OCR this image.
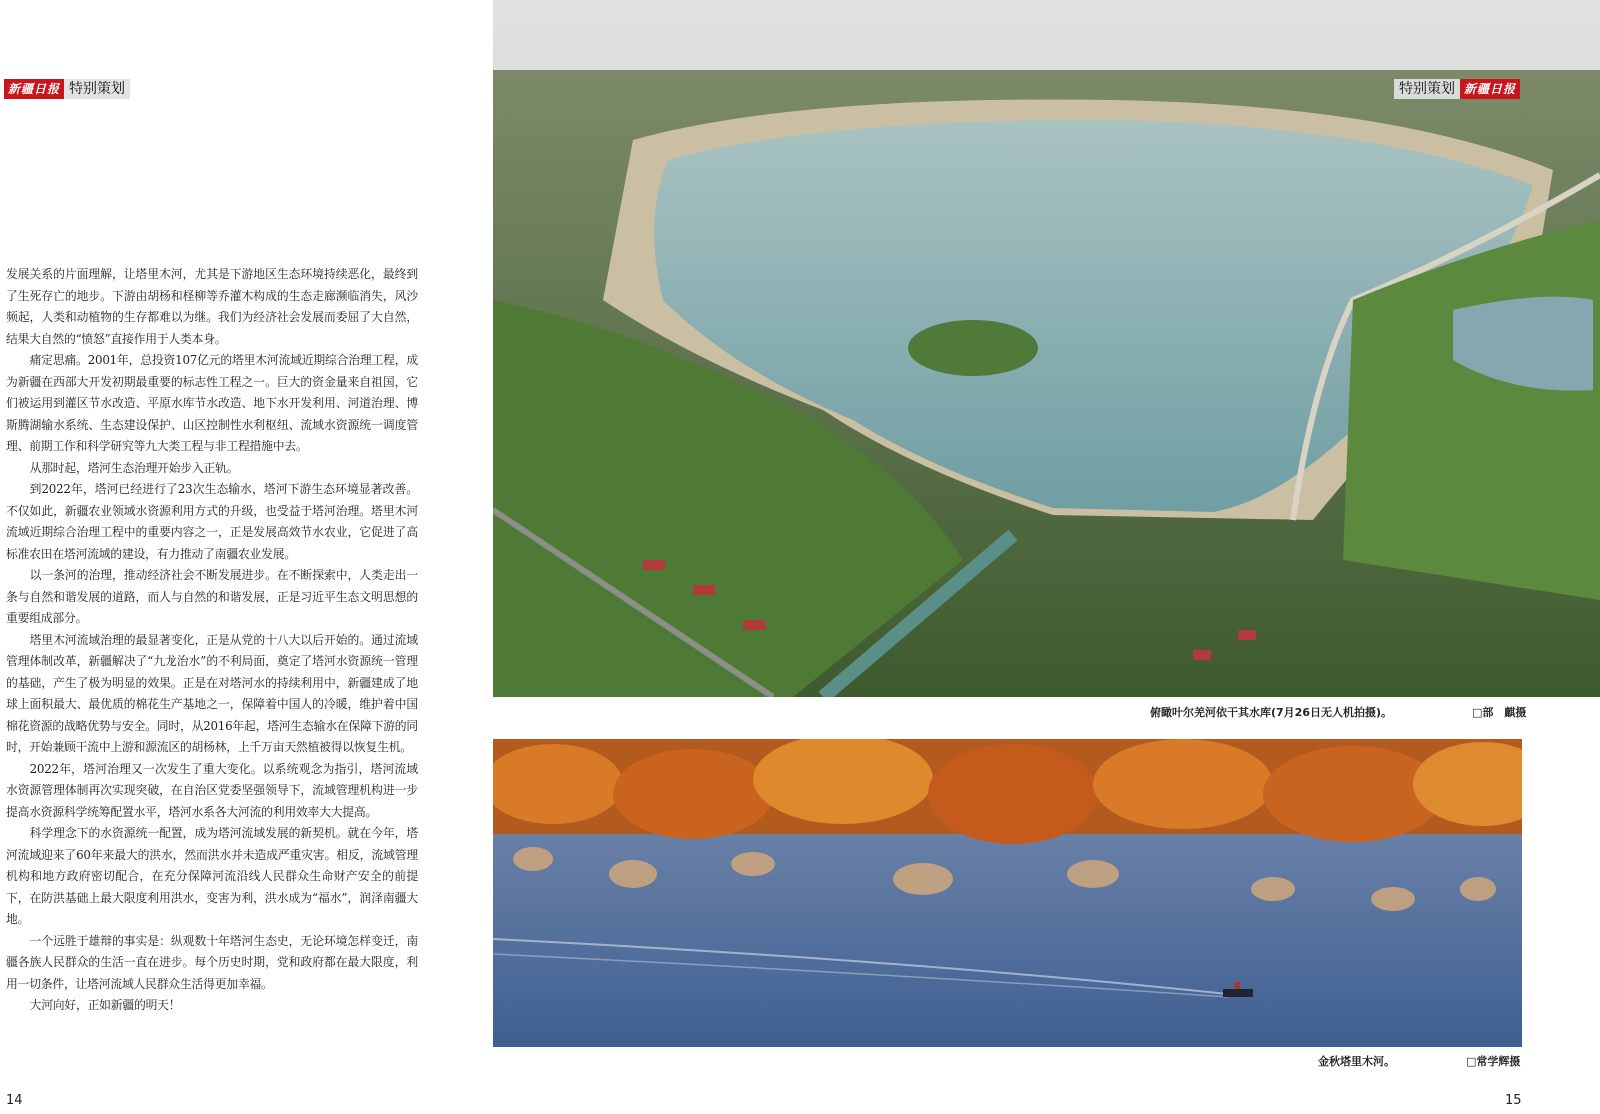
新疆日报 特别策划

发展关系的片面理解，让塔里木河，尤其是下游地区生态环境持续恶化，最终到了生死存亡的地步。下游由胡杨和柽柳等乔灌木构成的生态走廊濒临消失，风沙频起，人类和动植物的生存都难以为继。我们为经济社会发展而委屈了大自然，结果大自然的“愤怒”直接作用于人类本身。

痛定思痛。2001年，总投资107亿元的塔里木河流域近期综合治理工程，成为新疆在西部大开发初期最重要的标志性工程之一。巨大的资金量来自祖国，它们被运用到灌区节水改造、平原水库节水改造、地下水开发利用、河道治理、博斯腾湖输水系统、生态建设保护、山区控制性水利枢纽、流域水资源统一调度管理、前期工作和科学研究等九大类工程与非工程措施中去。

从那时起，塔河生态治理开始步入正轨。

到2022年，塔河已经进行了23次生态输水，塔河下游生态环境显著改善。不仅如此，新疆农业领域水资源利用方式的升级，也受益于塔河治理。塔里木河流域近期综合治理工程中的重要内容之一，正是发展高效节水农业，它促进了高标准农田在塔河流域的建设，有力推动了南疆农业发展。

以一条河的治理，推动经济社会不断发展进步。在不断探索中，人类走出一条与自然和谐发展的道路，而人与自然的和谐发展，正是习近平生态文明思想的重要组成部分。

塔里木河流域治理的最显著变化，正是从党的十八大以后开始的。通过流域管理体制改革，新疆解决了“九龙治水”的不利局面，奠定了塔河水资源统一管理的基础，产生了极为明显的效果。正是在对塔河水的持续利用中，新疆建成了地球上面积最大、最优质的棉花生产基地之一，保障着中国人的冷暖，维护着中国棉花资源的战略优势与安全。同时，从2016年起，塔河生态输水在保障下游的同时，开始兼顾干流中上游和源流区的胡杨林，上千万亩天然植被得以恢复生机。

2022年，塔河治理又一次发生了重大变化。以系统观念为指引，塔河流域水资源管理体制再次实现突破，在自治区党委坚强领导下，流域管理机构进一步提高水资源科学统筹配置水平，塔河水系各大河流的利用效率大大提高。

科学理念下的水资源统一配置，成为塔河流域发展的新契机。就在今年，塔河流域迎来了60年来最大的洪水，然而洪水并未造成严重灾害。相反，流域管理机构和地方政府密切配合，在充分保障河流沿线人民群众生命财产安全的前提下，在防洪基础上最大限度利用洪水，变害为利，洪水成为“福水”，润泽南疆大地。

一个远胜于雄辩的事实是：纵观数十年塔河生态史，无论环境怎样变迁，南疆各族人民群众的生活一直在进步。每个历史时期，党和政府都在最大限度，利用一切条件，让塔河流域人民群众生活得更加幸福。

大河向好，正如新疆的明天！

特别策划 新疆日报
俯瞰叶尔羌河依干其水库(7月26日无人机拍摄)。	□部　麒摄
金秋塔里木河。	□常学辉摄
14	15
